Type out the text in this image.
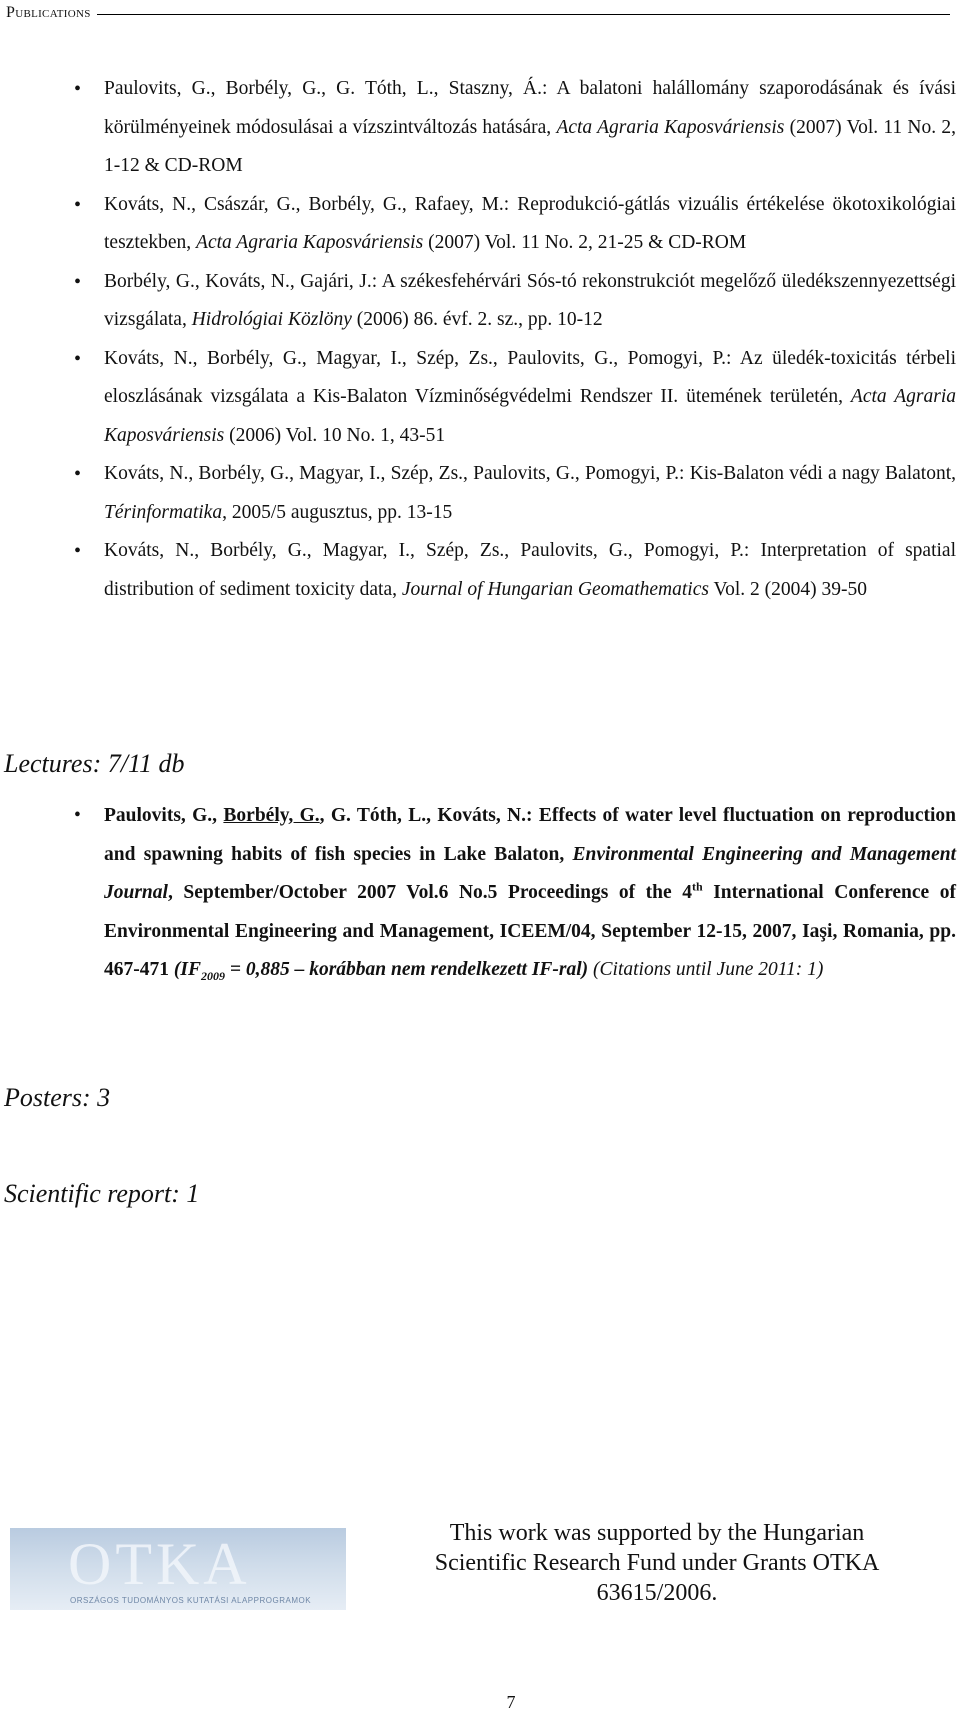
Publications
• Paulovits, G., Borbély, G., G. Tóth, L., Staszny, Á.: A balatoni halállomány szaporodásának és ívási körülményeinek módosulásai a vízszintváltozás hatására, Acta Agraria Kaposváriensis (2007) Vol. 11 No. 2, 1-12 & CD-ROM
• Kováts, N., Császár, G., Borbély, G., Rafaey, M.: Reprodukció-gátlás vizuális értékelése ökotoxikológiai tesztekben, Acta Agraria Kaposváriensis (2007) Vol. 11 No. 2, 21-25 & CD-ROM
• Borbély, G., Kováts, N., Gajári, J.: A székesfehérvári Sós-tó rekonstrukciót megelőző üledékszennyezettségi vizsgálata, Hidrológiai Közlöny (2006) 86. évf. 2. sz., pp. 10-12
• Kováts, N., Borbély, G., Magyar, I., Szép, Zs., Paulovits, G., Pomogyi, P.: Az üledék-toxicitás térbeli eloszlásának vizsgálata a Kis-Balaton Vízminőségvédelmi Rendszer II. ütemének területén, Acta Agraria Kaposváriensis (2006) Vol. 10 No. 1, 43-51
• Kováts, N., Borbély, G., Magyar, I., Szép, Zs., Paulovits, G., Pomogyi, P.: Kis-Balaton védi a nagy Balatont, Térinformatika, 2005/5 augusztus, pp. 13-15
• Kováts, N., Borbély, G., Magyar, I., Szép, Zs., Paulovits, G., Pomogyi, P.: Interpretation of spatial distribution of sediment toxicity data, Journal of Hungarian Geomathematics Vol. 2 (2004) 39-50
Lectures: 7/11 db
• Paulovits, G., Borbély, G., G. Tóth, L., Kováts, N.: Effects of water level fluctuation on reproduction and spawning habits of fish species in Lake Balaton, Environmental Engineering and Management Journal, September/October 2007 Vol.6 No.5 Proceedings of the 4th International Conference of Environmental Engineering and Management, ICEEM/04, September 12-15, 2007, Iaşi, Romania, pp. 467-471 ($IF_{2009} = 0,885$ – korábban nem rendelkezett IF-ral) (Citations until June 2011: 1)
Posters: 3
Scientific report: 1
OTKA
ORSZÁGOS TUDOMÁNYOS KUTATÁSI ALAPPROGRAMOK
This work was supported by the Hungarian
Scientific Research Fund under Grants OTKA
63615/2006.
7
